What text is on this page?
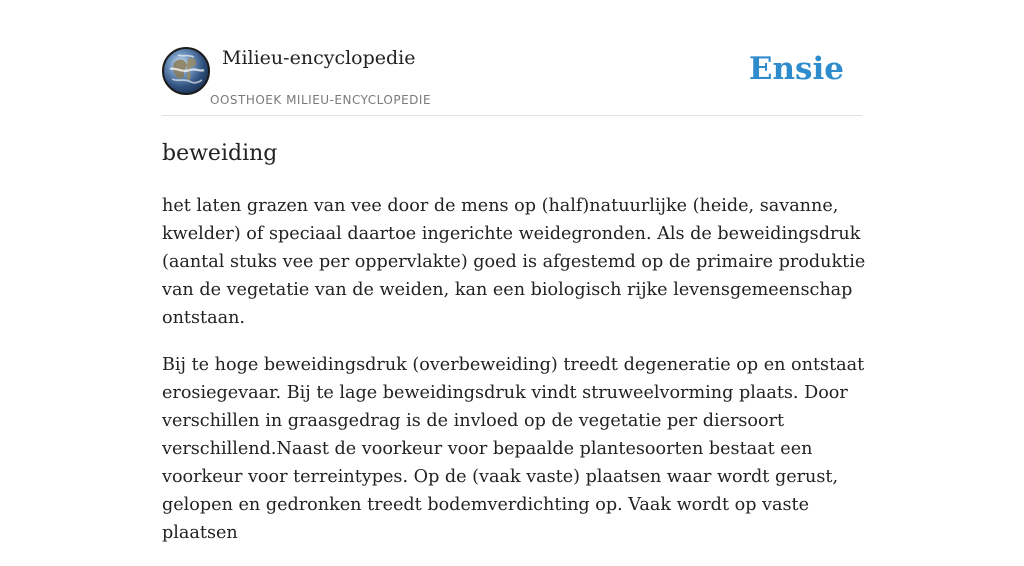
Milieu-encyclopedie
OOSTHOEK MILIEU-ENCYCLOPEDIE
Ensie
beweiding

het laten grazen van vee door de mens op (half)natuurlijke (heide, savanne, kwelder) of speciaal daartoe ingerichte weidegronden. Als de beweidingsdruk (aantal stuks vee per oppervlakte) goed is afgestemd op de primaire produktie van de vegetatie van de weiden, kan een biologisch rijke levensgemeenschap ontstaan.

Bij te hoge beweidingsdruk (overbeweiding) treedt degeneratie op en ontstaat erosiegevaar. Bij te lage beweidingsdruk vindt struweelvorming plaats. Door verschillen in graasgedrag is de invloed op de vegetatie per diersoort verschillend.Naast de voorkeur voor bepaalde plantesoorten bestaat een voorkeur voor terreintypes. Op de (vaak vaste) plaatsen waar wordt gerust, gelopen en gedronken treedt bodemverdichting op. Vaak wordt op vaste plaatsen
